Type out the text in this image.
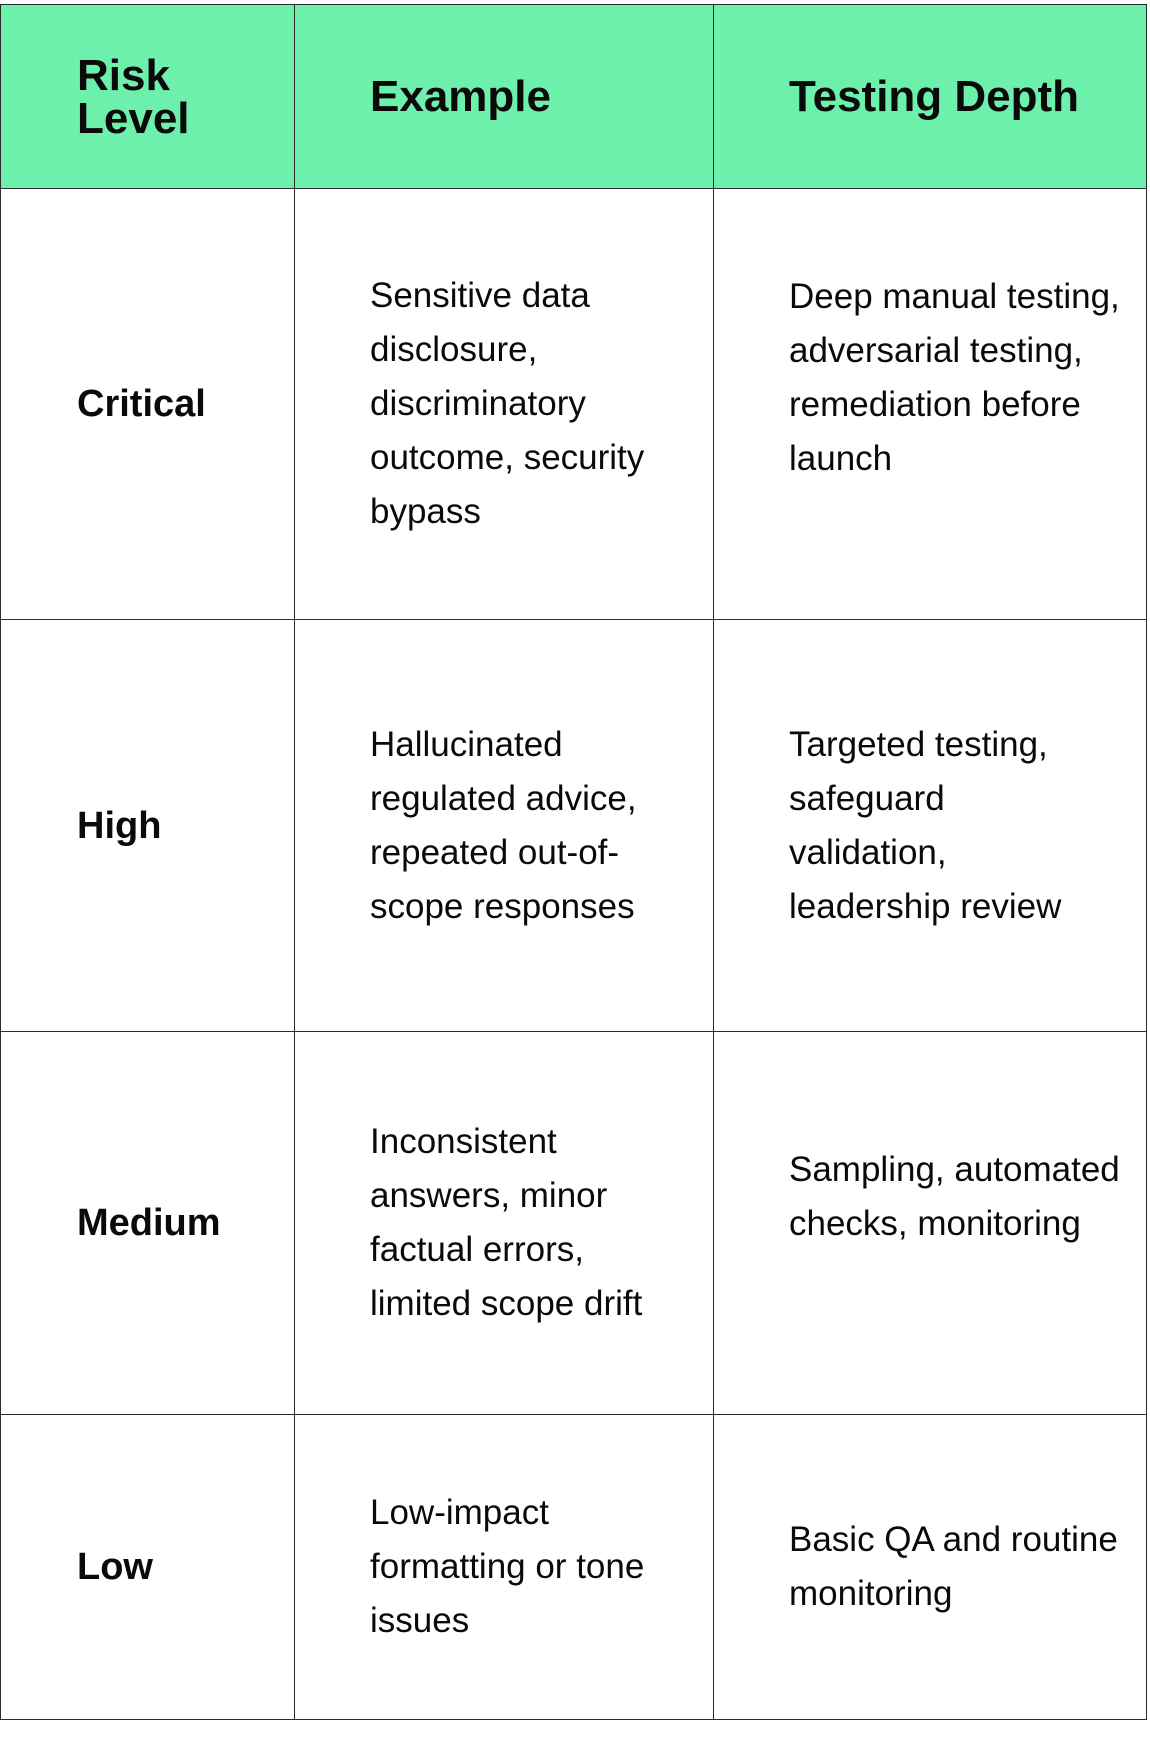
Risk Level	Example	Testing Depth
Critical	Sensitive data disclosure, discriminatory outcome, security bypass	Deep manual testing, adversarial testing, remediation before launch

High	Hallucinated regulated advice, repeated out-of-scope responses	Targeted testing, safeguard validation, leadership review

Medium	Inconsistent answers, minor factual errors, limited scope drift	Sampling, automated checks, monitoring

Low	Low-impact formatting or tone issues	Basic QA and routine monitoring
